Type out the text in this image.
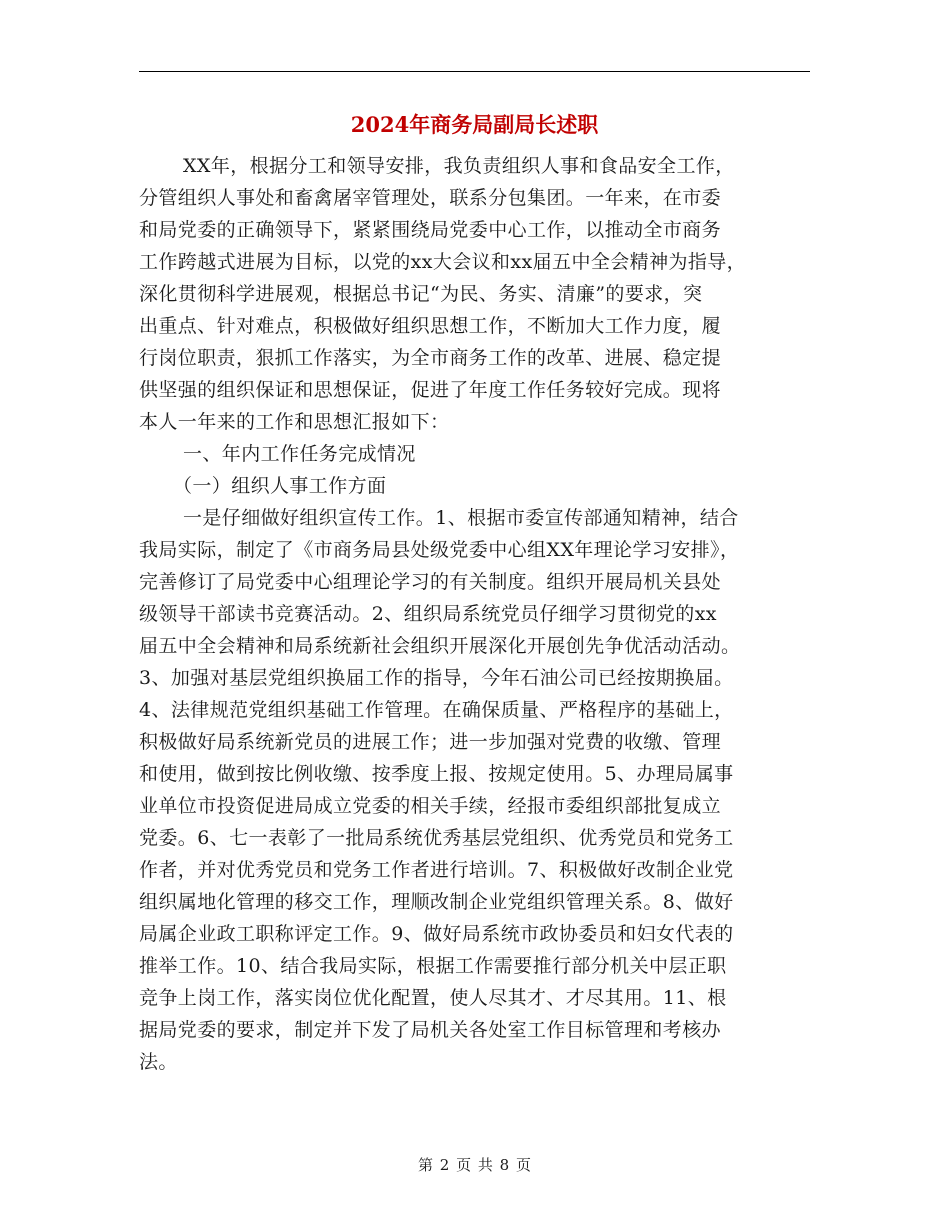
2024年商务局副局长述职
XX年，根据分工和领导安排，我负责组织人事和食品安全工作，
分管组织人事处和畜禽屠宰管理处，联系分包集团。一年来，在市委
和局党委的正确领导下，紧紧围绕局党委中心工作，以推动全市商务
工作跨越式进展为目标，以党的xx大会议和xx届五中全会精神为指导，
深化贯彻科学进展观，根据总书记“为民、务实、清廉”的要求，突
出重点、针对难点，积极做好组织思想工作，不断加大工作力度，履
行岗位职责，狠抓工作落实，为全市商务工作的改革、进展、稳定提
供坚强的组织保证和思想保证，促进了年度工作任务较好完成。现将
本人一年来的工作和思想汇报如下：
一、年内工作任务完成情况
（一）组织人事工作方面
一是仔细做好组织宣传工作。1、根据市委宣传部通知精神，结合
我局实际，制定了《市商务局县处级党委中心组XX年理论学习安排》，
完善修订了局党委中心组理论学习的有关制度。组织开展局机关县处
级领导干部读书竞赛活动。2、组织局系统党员仔细学习贯彻党的xx
届五中全会精神和局系统新社会组织开展深化开展创先争优活动活动。
3、加强对基层党组织换届工作的指导，今年石油公司已经按期换届。
4、法律规范党组织基础工作管理。在确保质量、严格程序的基础上，
积极做好局系统新党员的进展工作；进一步加强对党费的收缴、管理
和使用，做到按比例收缴、按季度上报、按规定使用。5、办理局属事
业单位市投资促进局成立党委的相关手续，经报市委组织部批复成立
党委。6、七一表彰了一批局系统优秀基层党组织、优秀党员和党务工
作者，并对优秀党员和党务工作者进行培训。7、积极做好改制企业党
组织属地化管理的移交工作，理顺改制企业党组织管理关系。8、做好
局属企业政工职称评定工作。9、做好局系统市政协委员和妇女代表的
推举工作。10、结合我局实际，根据工作需要推行部分机关中层正职
竞争上岗工作，落实岗位优化配置，使人尽其才、才尽其用。11、根
据局党委的要求，制定并下发了局机关各处室工作目标管理和考核办
法。
第 2 页 共 8 页
